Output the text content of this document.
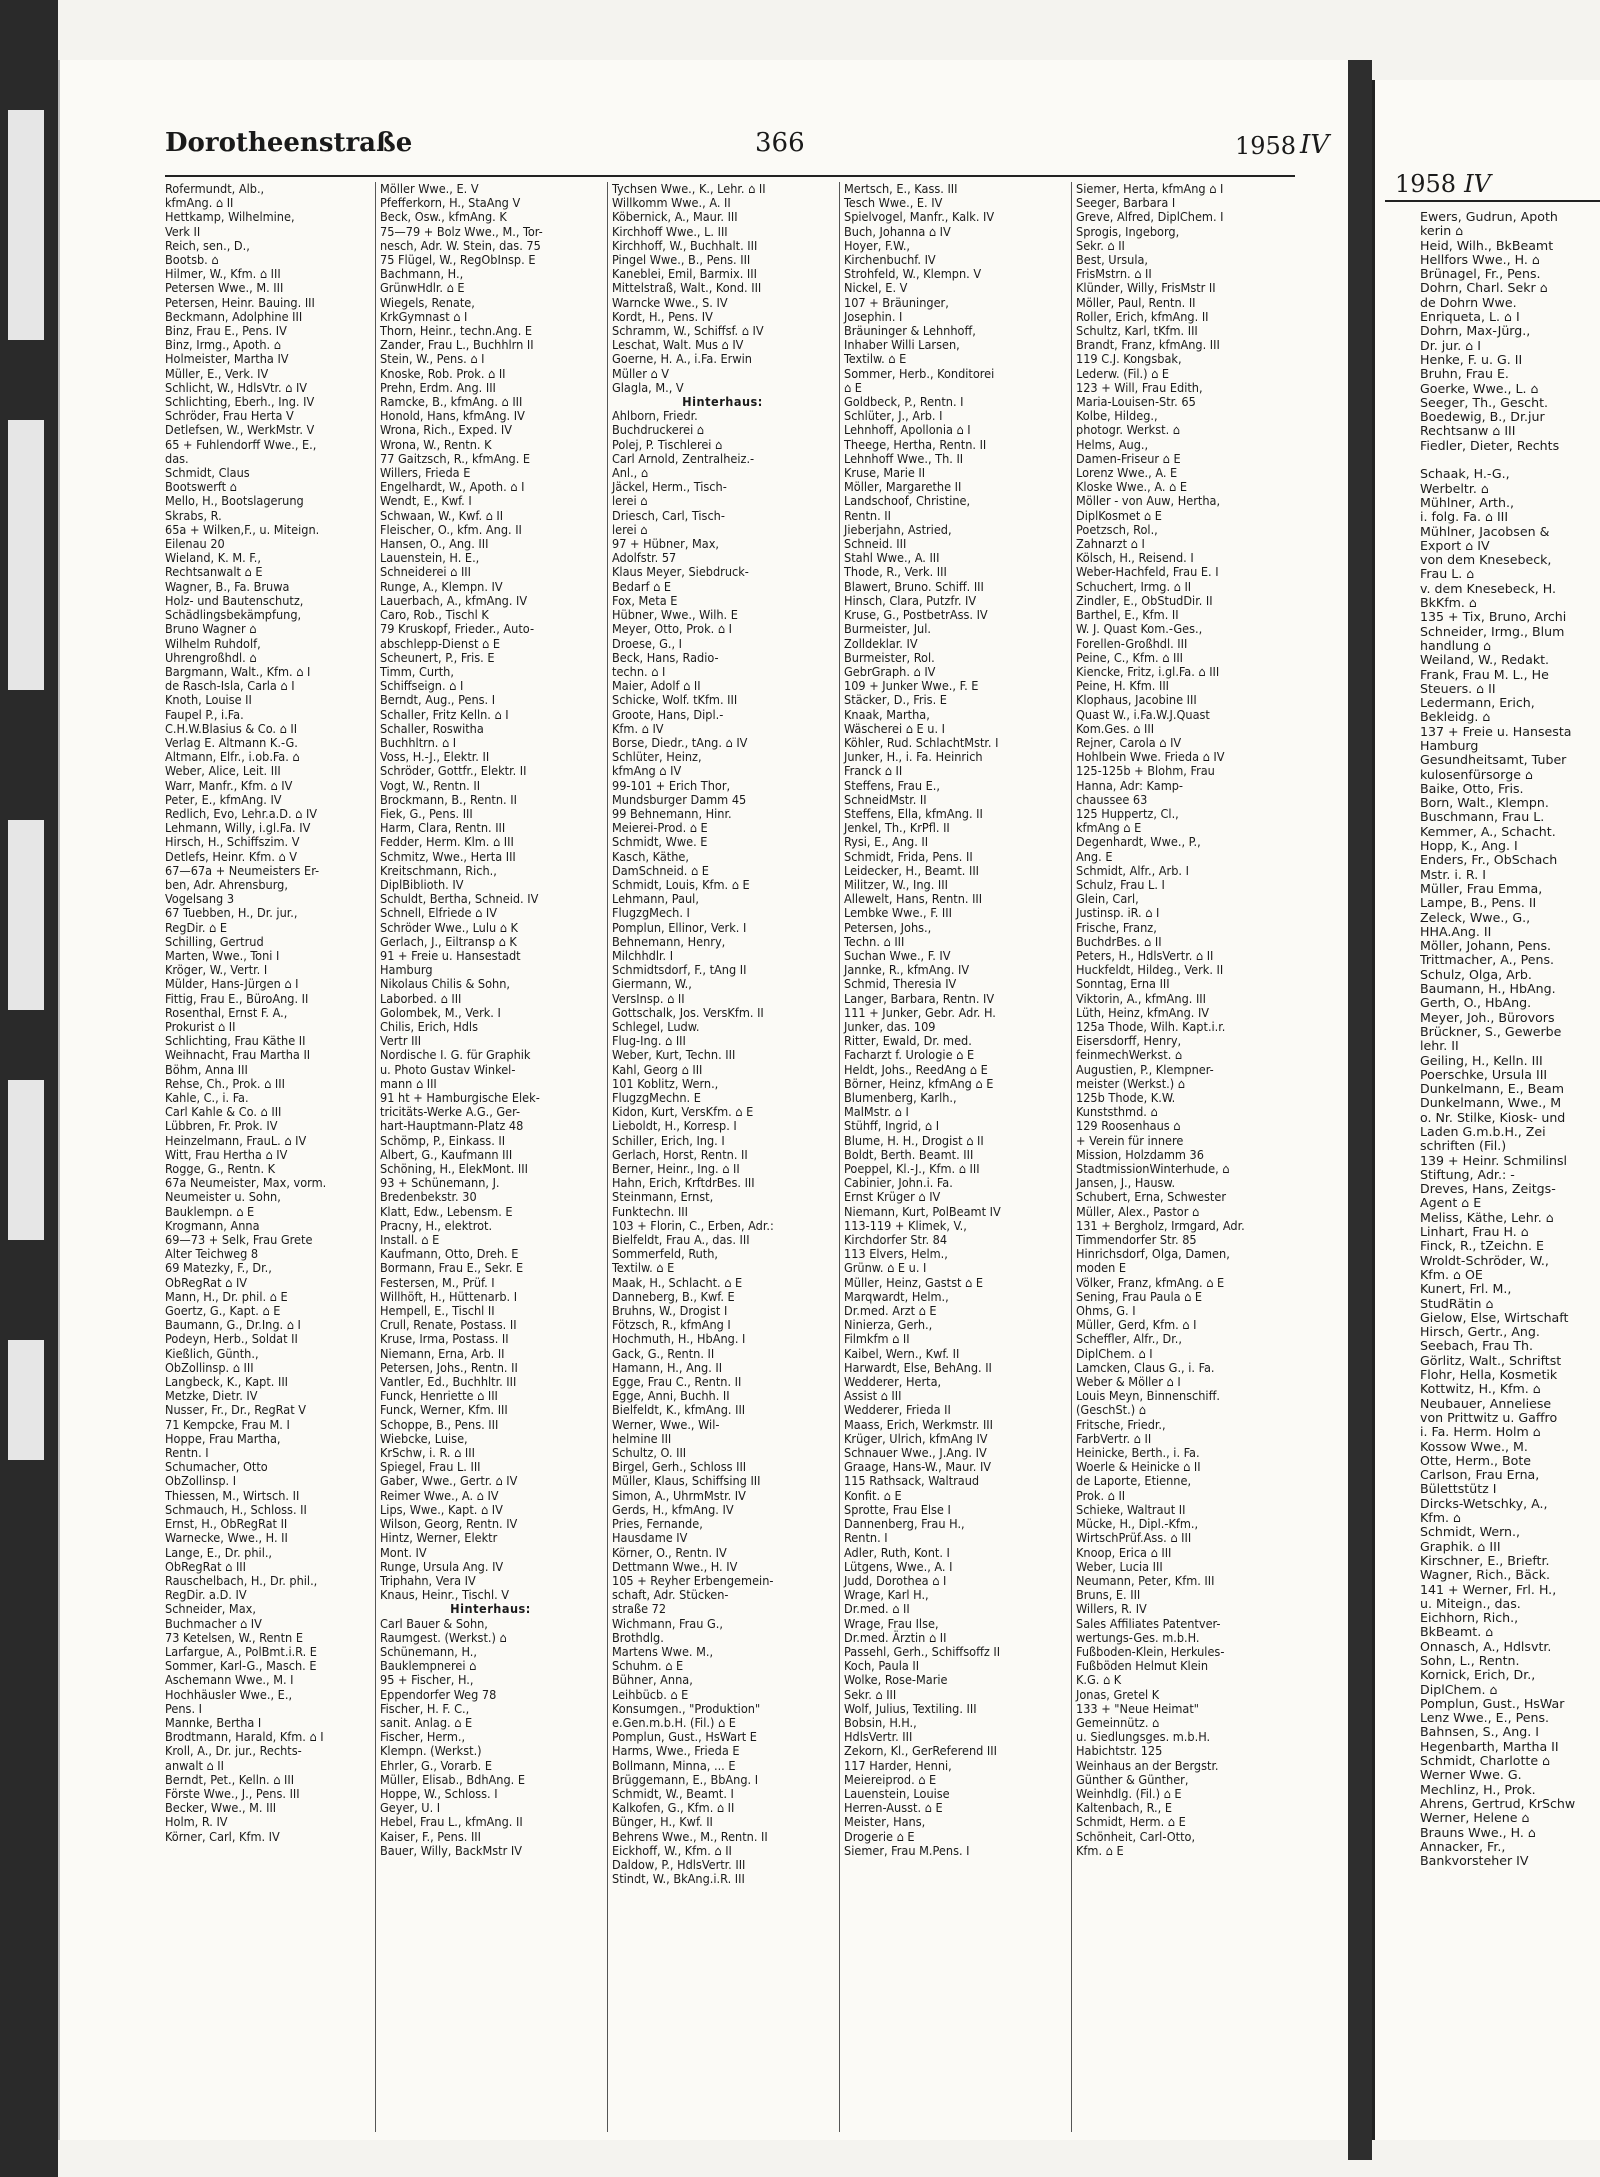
Dorotheenstraße	366	1958 IV
Rofermundt, Alb.,
kfmAng. ⌂ II
Hettkamp, Wilhelmine,
Verk II
Reich, sen., D.,
Bootsb. ⌂
Hilmer, W., Kfm. ⌂ III
Petersen Wwe., M. III
Petersen, Heinr. Bauing. III
Beckmann, Adolphine III
Binz, Frau E., Pens. IV
Binz, Irmg., Apoth. ⌂
Holmeister, Martha IV
Müller, E., Verk. IV
Schlicht, W., HdlsVtr. ⌂ IV
Schlichting, Eberh., Ing. IV
Schröder, Frau Herta V
Detlefsen, W., WerkMstr. V
65 + Fuhlendorff Wwe., E.,
das.
Schmidt, Claus
Bootswerft ⌂
Mello, H., Bootslagerung
Skrabs, R.
65a + Wilken,F., u. Miteign.
Eilenau 20
Wieland, K. M. F.,
Rechtsanwalt ⌂ E
Wagner, B., Fa. Bruwa
Holz- und Bautenschutz,
Schädlingsbekämpfung,
Bruno Wagner ⌂
Wilhelm Ruhdolf,
Uhrengroßhdl. ⌂
Bargmann, Walt., Kfm. ⌂ I
de Rasch-Isla, Carla ⌂ I
Knoth, Louise II
Faupel P., i.Fa.
C.H.W.Blasius & Co. ⌂ II
Verlag E. Altmann K.-G.
Altmann, Elfr., i.ob.Fa. ⌂
Weber, Alice, Leit. III
Warr, Manfr., Kfm. ⌂ IV
Peter, E., kfmAng. IV
Redlich, Evo, Lehr.a.D. ⌂ IV
Lehmann, Willy, i.gl.Fa. IV
Hirsch, H., Schiffszim. V
Detlefs, Heinr. Kfm. ⌂ V
67—67a + Neumeisters Er-
ben, Adr. Ahrensburg,
Vogelsang 3
67 Tuebben, H., Dr. jur.,
RegDir. ⌂ E
Schilling, Gertrud
Marten, Wwe., Toni I
Kröger, W., Vertr. I
Mülder, Hans-Jürgen ⌂ I
Fittig, Frau E., BüroAng. II
Rosenthal, Ernst F. A.,
Prokurist ⌂ II
Schlichting, Frau Käthe II
Weihnacht, Frau Martha II
Böhm, Anna III
Rehse, Ch., Prok. ⌂ III
Kahle, C., i. Fa.
Carl Kahle & Co. ⌂ III
Lübbren, Fr. Prok. IV
Heinzelmann, FrauL. ⌂ IV
Witt, Frau Hertha ⌂ IV
Rogge, G., Rentn. K
67a Neumeister, Max, vorm.
Neumeister u. Sohn,
Bauklempn. ⌂ E
Krogmann, Anna
69—73 + Selk, Frau Grete
Alter Teichweg 8
69 Matezky, F., Dr.,
ObRegRat ⌂ IV
Mann, H., Dr. phil. ⌂ E
Goertz, G., Kapt. ⌂ E
Baumann, G., Dr.Ing. ⌂ I
Podeyn, Herb., Soldat II
Kießlich, Günth.,
ObZollinsp. ⌂ III
Langbeck, K., Kapt. III
Metzke, Dietr. IV
Nusser, Fr., Dr., RegRat V
71 Kempcke, Frau M. I
Hoppe, Frau Martha,
Rentn. I
Schumacher, Otto
ObZollinsp. I
Thiessen, M., Wirtsch. II
Schmauch, H., Schloss. II
Ernst, H., ObRegRat II
Warnecke, Wwe., H. II
Lange, E., Dr. phil.,
ObRegRat ⌂ III
Rauschelbach, H., Dr. phil.,
RegDir. a.D. IV
Schneider, Max,
Buchmacher ⌂ IV
73 Ketelsen, W., Rentn E
Larfargue, A., PolBmt.i.R. E
Sommer, Karl-G., Masch. E
Aschemann Wwe., M. I
Hochhäusler Wwe., E.,
Pens. I
Mannke, Bertha I
Brodtmann, Harald, Kfm. ⌂ I
Kroll, A., Dr. jur., Rechts-
anwalt ⌂ II
Berndt, Pet., Kelln. ⌂ III
Förste Wwe., J., Pens. III
Becker, Wwe., M. III
Holm, R. IV
Körner, Carl, Kfm. IV
Möller Wwe., E. V
Pfefferkorn, H., StaAng V
Beck, Osw., kfmAng. K
75—79 + Bolz Wwe., M., Tor-
nesch, Adr. W. Stein, das. 75
75 Flügel, W., RegObInsp. E
Bachmann, H.,
GrünwHdlr. ⌂ E
Wiegels, Renate,
KrkGymnast ⌂ I
Thorn, Heinr., techn.Ang. E
Zander, Frau L., Buchhlrn II
Stein, W., Pens. ⌂ I
Knoske, Rob. Prok. ⌂ II
Prehn, Erdm. Ang. III
Ramcke, B., kfmAng. ⌂ III
Honold, Hans, kfmAng. IV
Wrona, Rich., Exped. IV
Wrona, W., Rentn. K
77 Gaitzsch, R., kfmAng. E
Willers, Frieda E
Engelhardt, W., Apoth. ⌂ I
Wendt, E., Kwf. I
Schwaan, W., Kwf. ⌂ II
Fleischer, O., kfm. Ang. II
Hansen, O., Ang. III
Lauenstein, H. E.,
Schneiderei ⌂ III
Runge, A., Klempn. IV
Lauerbach, A., kfmAng. IV
Caro, Rob., Tischl K
79 Kruskopf, Frieder., Auto-
abschlepp-Dienst ⌂ E
Scheunert, P., Fris. E
Timm, Curth,
Schiffseign. ⌂ I
Berndt, Aug., Pens. I
Schaller, Fritz Kelln. ⌂ I
Schaller, Roswitha
Buchhltrn. ⌂ I
Voss, H.-J., Elektr. II
Schröder, Gottfr., Elektr. II
Vogt, W., Rentn. II
Brockmann, B., Rentn. II
Fiek, G., Pens. III
Harm, Clara, Rentn. III
Fedder, Herm. Klm. ⌂ III
Schmitz, Wwe., Herta III
Kreitschmann, Rich.,
DiplBiblioth. IV
Schuldt, Bertha, Schneid. IV
Schnell, Elfriede ⌂ IV
Schröder Wwe., Lulu ⌂ K
Gerlach, J., Eiltransp ⌂ K
91 + Freie u. Hansestadt
Hamburg
Nikolaus Chilis & Sohn,
Laborbed. ⌂ III
Golombek, M., Verk. I
Chilis, Erich, Hdls
Vertr III
Nordische I. G. für Graphik
u. Photo Gustav Winkel-
mann ⌂ III
91 ht + Hamburgische Elek-
tricitäts-Werke A.G., Ger-
hart-Hauptmann-Platz 48
Schömp, P., Einkass. II
Albert, G., Kaufmann III
Schöning, H., ElekMont. III
93 + Schünemann, J.
Bredenbekstr. 30
Klatt, Edw., Lebensm. E
Pracny, H., elektrot.
Install. ⌂ E
Kaufmann, Otto, Dreh. E
Bormann, Frau E., Sekr. E
Festersen, M., Prüf. I
Willhöft, H., Hüttenarb. I
Hempell, E., Tischl II
Crull, Renate, Postass. II
Kruse, Irma, Postass. II
Niemann, Erna, Arb. II
Petersen, Johs., Rentn. II
Vantler, Ed., Buchhltr. III
Funck, Henriette ⌂ III
Funck, Werner, Kfm. III
Schoppe, B., Pens. III
Wiebcke, Luise,
KrSchw, i. R. ⌂ III
Spiegel, Frau L. III
Gaber, Wwe., Gertr. ⌂ IV
Reimer Wwe., A. ⌂ IV
Lips, Wwe., Kapt. ⌂ IV
Wilson, Georg, Rentn. IV
Hintz, Werner, Elektr
Mont. IV
Runge, Ursula Ang. IV
Triphahn, Vera IV
Knaus, Heinr., Tischl. V
Hinterhaus:
Carl Bauer & Sohn,
Raumgest. (Werkst.) ⌂
Schünemann, H.,
Bauklempnerei ⌂
95 + Fischer, H.,
Eppendorfer Weg 78
Fischer, H. F. C.,
sanit. Anlag. ⌂ E
Fischer, Herm.,
Klempn. (Werkst.)
Ehrler, G., Vorarb. E
Müller, Elisab., BdhAng. E
Hoppe, W., Schloss. I
Geyer, U. I
Hebel, Frau L., kfmAng. II
Kaiser, F., Pens. III
Bauer, Willy, BackMstr IV
Tychsen Wwe., K., Lehr. ⌂ II
Willkomm Wwe., A. II
Köbernick, A., Maur. III
Kirchhoff Wwe., L. III
Kirchhoff, W., Buchhalt. III
Pingel Wwe., B., Pens. III
Kaneblei, Emil, Barmix. III
Mittelstraß, Walt., Kond. III
Warncke Wwe., S. IV
Kordt, H., Pens. IV
Schramm, W., Schiffsf. ⌂ IV
Leschat, Walt. Mus ⌂ IV
Goerne, H. A., i.Fa. Erwin
Müller ⌂ V
Glagla, M., V
Hinterhaus:
Ahlborn, Friedr.
Buchdruckerei ⌂
Polej, P. Tischlerei ⌂
Carl Arnold, Zentralheiz.-
Anl., ⌂
Jäckel, Herm., Tisch-
lerei ⌂
Driesch, Carl, Tisch-
lerei ⌂
97 + Hübner, Max,
Adolfstr. 57
Klaus Meyer, Siebdruck-
Bedarf ⌂ E
Fox, Meta E
Hübner, Wwe., Wilh. E
Meyer, Otto, Prok. ⌂ I
Droese, G., I
Beck, Hans, Radio-
techn. ⌂ I
Maier, Adolf ⌂ II
Schicke, Wolf. tKfm. III
Groote, Hans, Dipl.-
Kfm. ⌂ IV
Borse, Diedr., tAng. ⌂ IV
Schlüter, Heinz,
kfmAng ⌂ IV
99-101 + Erich Thor,
Mundsburger Damm 45
99 Behnemann, Hinr.
Meierei-Prod. ⌂ E
Schmidt, Wwe. E
Kasch, Käthe,
DamSchneid. ⌂ E
Schmidt, Louis, Kfm. ⌂ E
Lehmann, Paul,
FlugzgMech. I
Pomplun, Ellinor, Verk. I
Behnemann, Henry,
Milchhdlr. I
Schmidtsdorf, F., tAng II
Giermann, W.,
VersInsp. ⌂ II
Gottschalk, Jos. VersKfm. II
Schlegel, Ludw.
Flug-Ing. ⌂ III
Weber, Kurt, Techn. III
Kahl, Georg ⌂ III
101 Koblitz, Wern.,
FlugzgMechn. E
Kidon, Kurt, VersKfm. ⌂ E
Lieboldt, H., Korresp. I
Schiller, Erich, Ing. I
Gerlach, Horst, Rentn. II
Berner, Heinr., Ing. ⌂ II
Hahn, Erich, KrftdrBes. III
Steinmann, Ernst,
Funktechn. III
103 + Florin, C., Erben, Adr.:
Bielfeldt, Frau A., das. III
Sommerfeld, Ruth,
Textilw. ⌂ E
Maak, H., Schlacht. ⌂ E
Danneberg, B., Kwf. E
Bruhns, W., Drogist I
Fötzsch, R., kfmAng I
Hochmuth, H., HbAng. I
Gack, G., Rentn. II
Hamann, H., Ang. II
Egge, Frau C., Rentn. II
Egge, Anni, Buchh. II
Bielfeldt, K., kfmAng. III
Werner, Wwe., Wil-
helmine III
Schultz, O. III
Birgel, Gerh., Schloss III
Müller, Klaus, Schiffsing III
Simon, A., UhrmMstr. IV
Gerds, H., kfmAng. IV
Pries, Fernande,
Hausdame IV
Körner, O., Rentn. IV
Dettmann Wwe., H. IV
105 + Reyher Erbengemein-
schaft, Adr. Stücken-
straße 72
Wichmann, Frau G.,
Brothdlg.
Martens Wwe. M.,
Schuhm. ⌂ E
Bühner, Anna,
Leihbücb. ⌂ E
Konsumgen., "Produktion"
e.Gen.m.b.H. (Fil.) ⌂ E
Pomplun, Gust., HsWart E
Harms, Wwe., Frieda E
Bollmann, Minna, ... E
Brüggemann, E., BbAng. I
Schmidt, W., Beamt. I
Kalkofen, G., Kfm. ⌂ II
Bünger, H., Kwf. II
Behrens Wwe., M., Rentn. II
Eickhoff, W., Kfm. ⌂ II
Daldow, P., HdlsVertr. III
Stindt, W., BkAng.i.R. III
Mertsch, E., Kass. III
Tesch Wwe., E. IV
Spielvogel, Manfr., Kalk. IV
Buch, Johanna ⌂ IV
Hoyer, F.W.,
Kirchenbuchf. IV
Strohfeld, W., Klempn. V
Nickel, E. V
107 + Bräuninger,
Josephin. I
Bräuninger & Lehnhoff,
Inhaber Willi Larsen,
Textilw. ⌂ E
Sommer, Herb., Konditorei
⌂ E
Goldbeck, P., Rentn. I
Schlüter, J., Arb. I
Lehnhoff, Apollonia ⌂ I
Theege, Hertha, Rentn. II
Lehnhoff Wwe., Th. II
Kruse, Marie II
Möller, Margarethe II
Landschoof, Christine,
Rentn. II
Jieberjahn, Astried,
Schneid. III
Stahl Wwe., A. III
Thode, R., Verk. III
Blawert, Bruno. Schiff. III
Hinsch, Clara, Putzfr. IV
Kruse, G., PostbetrAss. IV
Burmeister, Jul.
Zolldeklar. IV
Burmeister, Rol.
GebrGraph. ⌂ IV
109 + Junker Wwe., F. E
Stäcker, D., Fris. E
Knaak, Martha,
Wäscherei ⌂ E u. I
Köhler, Rud. SchlachtMstr. I
Junker, H., i. Fa. Heinrich
Franck ⌂ II
Steffens, Frau E.,
SchneidMstr. II
Steffens, Ella, kfmAng. II
Jenkel, Th., KrPfl. II
Rysi, E., Ang. II
Schmidt, Frida, Pens. II
Leidecker, H., Beamt. III
Militzer, W., Ing. III
Allewelt, Hans, Rentn. III
Lembke Wwe., F. III
Petersen, Johs.,
Techn. ⌂ III
Suchan Wwe., F. IV
Jannke, R., kfmAng. IV
Schmid, Theresia IV
Langer, Barbara, Rentn. IV
111 + Junker, Gebr. Adr. H.
Junker, das. 109
Ritter, Ewald, Dr. med.
Facharzt f. Urologie ⌂ E
Heldt, Johs., ReedAng ⌂ E
Börner, Heinz, kfmAng ⌂ E
Blumenberg, Karlh.,
MalMstr. ⌂ I
Stühff, Ingrid, ⌂ I
Blume, H. H., Drogist ⌂ II
Boldt, Berth. Beamt. III
Poeppel, Kl.-J., Kfm. ⌂ III
Cabinier, John.i. Fa.
Ernst Krüger ⌂ IV
Niemann, Kurt, PolBeamt IV
113-119 + Klimek, V.,
Kirchdorfer Str. 84
113 Elvers, Helm.,
Grünw. ⌂ E u. I
Müller, Heinz, Gastst ⌂ E
Marqwardt, Helm.,
Dr.med. Arzt ⌂ E
Ninierza, Gerh.,
Filmkfm ⌂ II
Kaibel, Wern., Kwf. II
Harwardt, Else, BehAng. II
Wedderer, Herta,
Assist ⌂ III
Wedderer, Frieda II
Maass, Erich, Werkmstr. III
Krüger, Ulrich, kfmAng IV
Schnauer Wwe., J.Ang. IV
Graage, Hans-W., Maur. IV
115 Rathsack, Waltraud
Konfit. ⌂ E
Sprotte, Frau Else I
Dannenberg, Frau H.,
Rentn. I
Adler, Ruth, Kont. I
Lütgens, Wwe., A. I
Judd, Dorothea ⌂ I
Wrage, Karl H.,
Dr.med. ⌂ II
Wrage, Frau Ilse,
Dr.med. Ärztin ⌂ II
Passehl, Gerh., Schiffsoffz II
Koch, Paula II
Wolke, Rose-Marie
Sekr. ⌂ III
Wolf, Julius, Textiling. III
Bobsin, H.H.,
HdlsVertr. III
Zekorn, Kl., GerReferend III
117 Harder, Henni,
Meiereiprod. ⌂ E
Lauenstein, Louise
Herren-Ausst. ⌂ E
Meister, Hans,
Drogerie ⌂ E
Siemer, Frau M.Pens. I
Siemer, Herta, kfmAng ⌂ I
Seeger, Barbara I
Greve, Alfred, DiplChem. I
Sprogis, Ingeborg,
Sekr. ⌂ II
Best, Ursula,
FrisMstrn. ⌂ II
Klünder, Willy, FrisMstr II
Möller, Paul, Rentn. II
Roller, Erich, kfmAng. II
Schultz, Karl, tKfm. III
Brandt, Franz, kfmAng. III
119 C.J. Kongsbak,
Lederw. (Fil.) ⌂ E
123 + Will, Frau Edith,
Maria-Louisen-Str. 65
Kolbe, Hildeg.,
photogr. Werkst. ⌂
Helms, Aug.,
Damen-Friseur ⌂ E
Lorenz Wwe., A. E
Kloske Wwe., A. ⌂ E
Möller - von Auw, Hertha,
DiplKosmet ⌂ E
Poetzsch, Rol.,
Zahnarzt ⌂ I
Kölsch, H., Reisend. I
Weber-Hachfeld, Frau E. I
Schuchert, Irmg. ⌂ II
Zindler, E., ObStudDir. II
Barthel, E., Kfm. II
W. J. Quast Kom.-Ges.,
Forellen-Großhdl. III
Peine, C., Kfm. ⌂ III
Kiencke, Fritz, i.gl.Fa. ⌂ III
Peine, H. Kfm. III
Klophaus, Jacobine III
Quast W., i.Fa.W.J.Quast
Kom.Ges. ⌂ III
Rejner, Carola ⌂ IV
Hohlbein Wwe. Frieda ⌂ IV
125-125b + Blohm, Frau
Hanna, Adr: Kamp-
chaussee 63
125 Huppertz, Cl.,
kfmAng ⌂ E
Degenhardt, Wwe., P.,
Ang. E
Schmidt, Alfr., Arb. I
Schulz, Frau L. I
Glein, Carl,
Justinsp. iR. ⌂ I
Frische, Franz,
BuchdrBes. ⌂ II
Peters, H., HdlsVertr. ⌂ II
Huckfeldt, Hildeg., Verk. II
Sonntag, Erna III
Viktorin, A., kfmAng. III
Lüth, Heinz, kfmAng. IV
125a Thode, Wilh. Kapt.i.r.
Eisersdorff, Henry,
feinmechWerkst. ⌂
Augustien, P., Klempner-
meister (Werkst.) ⌂
125b Thode, K.W.
Kunststhmd. ⌂
129 Roosenhaus ⌂
+ Verein für innere
Mission, Holzdamm 36
StadtmissionWinterhude, ⌂
Jansen, J., Hausw.
Schubert, Erna, Schwester
Müller, Alex., Pastor ⌂
131 + Bergholz, Irmgard, Adr.
Timmendorfer Str. 85
Hinrichsdorf, Olga, Damen,
moden E
Völker, Franz, kfmAng. ⌂ E
Sening, Frau Paula ⌂ E
Ohms, G. I
Müller, Gerd, Kfm. ⌂ I
Scheffler, Alfr., Dr.,
DiplChem. ⌂ I
Lamcken, Claus G., i. Fa.
Weber & Möller ⌂ I
Louis Meyn, Binnenschiff.
(GeschSt.) ⌂
Fritsche, Friedr.,
FarbVertr. ⌂ II
Heinicke, Berth., i. Fa.
Woerle & Heinicke ⌂ II
de Laporte, Etienne,
Prok. ⌂ II
Schieke, Waltraut II
Mücke, H., Dipl.-Kfm.,
WirtschPrüf.Ass. ⌂ III
Knoop, Erica ⌂ III
Weber, Lucia III
Neumann, Peter, Kfm. III
Bruns, E. III
Willers, R. IV
Sales Affiliates Patentver-
wertungs-Ges. m.b.H.
Fußboden-Klein, Herkules-
Fußböden Helmut Klein
K.G. ⌂ K
Jonas, Gretel K
133 + "Neue Heimat"
Gemeinnütz. ⌂
u. Siedlungsges. m.b.H.
Habichtstr. 125
Weinhaus an der Bergstr.
Günther & Günther,
Weinhdlg. (Fil.) ⌂ E
Kaltenbach, R., E
Schmidt, Herm. ⌂ E
Schönheit, Carl-Otto,
Kfm. ⌂ E
1958 IV
Ewers, Gudrun, Apoth
kerin ⌂
Heid, Wilh., BkBeamt
Hellfors Wwe., H. ⌂
Brünagel, Fr., Pens.
Dohrn, Charl. Sekr ⌂
de Dohrn Wwe.
Enriqueta, L. ⌂ I
Dohrn, Max-Jürg.,
Dr. jur. ⌂ I
Henke, F. u. G. II
Bruhn, Frau E.
Goerke, Wwe., L. ⌂
Seeger, Th., Gescht.
Boedewig, B., Dr.jur
Rechtsanw ⌂ III
Fiedler, Dieter, Rechts

Schaak, H.-G.,
Werbeltr. ⌂
Mühlner, Arth.,
i. folg. Fa. ⌂ III
Mühlner, Jacobsen &
Export ⌂ IV
von dem Knesebeck,
Frau L. ⌂
v. dem Knesebeck, H.
BkKfm. ⌂
135 + Tix, Bruno, Archi
Schneider, Irmg., Blum
handlung ⌂
Weiland, W., Redakt.
Frank, Frau M. L., He
Steuers. ⌂ II
Ledermann, Erich,
Bekleidg. ⌂
137 + Freie u. Hansesta
Hamburg
Gesundheitsamt, Tuber
kulosenfürsorge ⌂
Baike, Otto, Fris.
Born, Walt., Klempn.
Buschmann, Frau L.
Kemmer, A., Schacht.
Hopp, K., Ang. I
Enders, Fr., ObSchach
Mstr. i. R. I
Müller, Frau Emma,
Lampe, B., Pens. II
Zeleck, Wwe., G.,
HHA.Ang. II
Möller, Johann, Pens.
Trittmacher, A., Pens.
Schulz, Olga, Arb.
Baumann, H., HbAng.
Gerth, O., HbAng.
Meyer, Joh., Bürovors
Brückner, S., Gewerbe
lehr. II
Geiling, H., Kelln. III
Poerschke, Ursula III
Dunkelmann, E., Beam
Dunkelmann, Wwe., M
o. Nr. Stilke, Kiosk- und
Laden G.m.b.H., Zei
schriften (Fil.)
139 + Heinr. Schmilinsl
Stiftung, Adr.: -
Dreves, Hans, Zeitgs-
Agent ⌂ E
Meliss, Käthe, Lehr. ⌂
Linhart, Frau H. ⌂
Finck, R., tZeichn. E
Wroldt-Schröder, W.,
Kfm. ⌂ OE
Kunert, Frl. M.,
StudRätin ⌂
Gielow, Else, Wirtschaft
Hirsch, Gertr., Ang.
Seebach, Frau Th.
Görlitz, Walt., Schriftst
Flohr, Hella, Kosmetik
Kottwitz, H., Kfm. ⌂
Neubauer, Anneliese
von Prittwitz u. Gaffro
i. Fa. Herm. Holm ⌂
Kossow Wwe., M.
Otte, Herm., Bote
Carlson, Frau Erna,
Bülettstütz I
Dircks-Wetschky, A.,
Kfm. ⌂
Schmidt, Wern.,
Graphik. ⌂ III
Kirschner, E., Brieftr.
Wagner, Rich., Bäck.
141 + Werner, Frl. H.,
u. Miteign., das.
Eichhorn, Rich.,
BkBeamt. ⌂
Onnasch, A., Hdlsvtr.
Sohn, L., Rentn.
Kornick, Erich, Dr.,
DiplChem. ⌂
Pomplun, Gust., HsWar
Lenz Wwe., E., Pens.
Bahnsen, S., Ang. I
Hegenbarth, Martha II
Schmidt, Charlotte ⌂
Werner Wwe. G.
Mechlinz, H., Prok.
Ahrens, Gertrud, KrSchw
Werner, Helene ⌂
Brauns Wwe., H. ⌂
Annacker, Fr.,
Bankvorsteher IV
